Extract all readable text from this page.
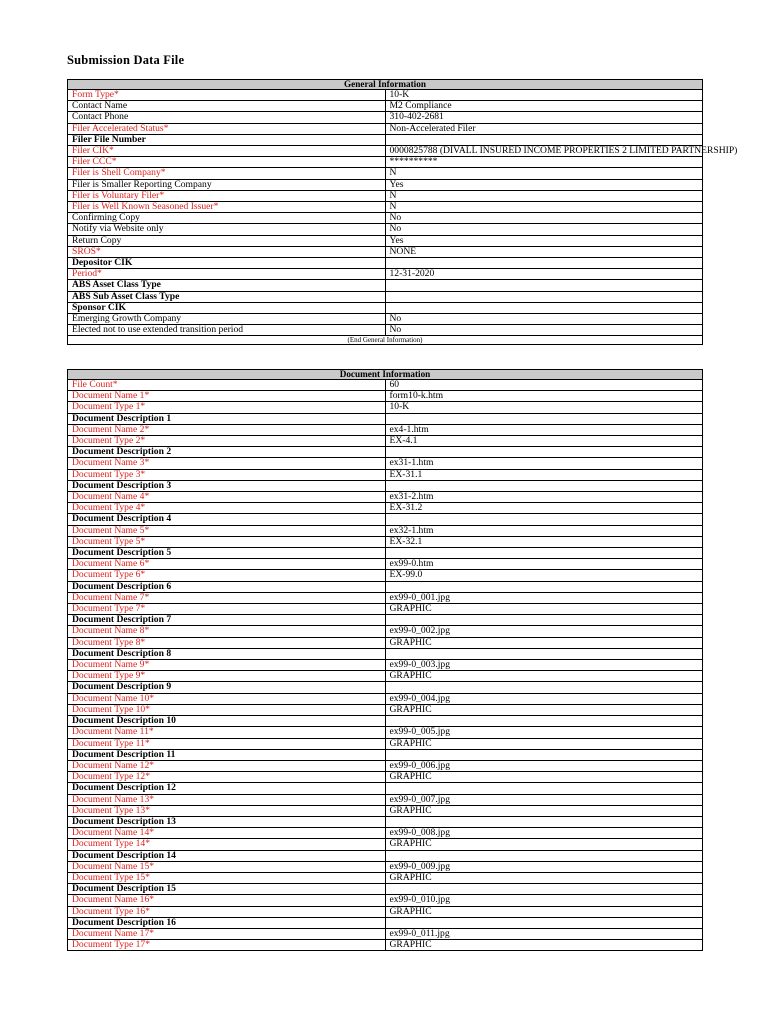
Submission Data File
General Information	
Form Type*	10-K
Contact Name	M2 Compliance
Contact Phone	310-402-2681
Filer Accelerated Status*	Non-Accelerated Filer
Filer File Number	
Filer CIK*	0000825788 (DIVALL INSURED INCOME PROPERTIES 2 LIMITED PARTNERSHIP)
Filer CCC*	**********
Filer is Shell Company*	N
Filer is Smaller Reporting Company	Yes
Filer is Voluntary Filer*	N
Filer is Well Known Seasoned Issuer*	N
Confirming Copy	No
Notify via Website only	No
Return Copy	Yes
SROS*	NONE
Depositor CIK	
Period*	12-31-2020
ABS Asset Class Type	
ABS Sub Asset Class Type	
Sponsor CIK	
Emerging Growth Company	No
Elected not to use extended transition period	No
(End General Information)	
Document Information	
File Count*	60
Document Name 1*	form10-k.htm
Document Type 1*	10-K
Document Description 1	
Document Name 2*	ex4-1.htm
Document Type 2*	EX-4.1
Document Description 2	
Document Name 3*	ex31-1.htm
Document Type 3*	EX-31.1
Document Description 3	
Document Name 4*	ex31-2.htm
Document Type 4*	EX-31.2
Document Description 4	
Document Name 5*	ex32-1.htm
Document Type 5*	EX-32.1
Document Description 5	
Document Name 6*	ex99-0.htm
Document Type 6*	EX-99.0
Document Description 6	
Document Name 7*	ex99-0_001.jpg
Document Type 7*	GRAPHIC
Document Description 7	
Document Name 8*	ex99-0_002.jpg
Document Type 8*	GRAPHIC
Document Description 8	
Document Name 9*	ex99-0_003.jpg
Document Type 9*	GRAPHIC
Document Description 9	
Document Name 10*	ex99-0_004.jpg
Document Type 10*	GRAPHIC
Document Description 10	
Document Name 11*	ex99-0_005.jpg
Document Type 11*	GRAPHIC
Document Description 11	
Document Name 12*	ex99-0_006.jpg
Document Type 12*	GRAPHIC
Document Description 12	
Document Name 13*	ex99-0_007.jpg
Document Type 13*	GRAPHIC
Document Description 13	
Document Name 14*	ex99-0_008.jpg
Document Type 14*	GRAPHIC
Document Description 14	
Document Name 15*	ex99-0_009.jpg
Document Type 15*	GRAPHIC
Document Description 15	
Document Name 16*	ex99-0_010.jpg
Document Type 16*	GRAPHIC
Document Description 16	
Document Name 17*	ex99-0_011.jpg
Document Type 17*	GRAPHIC
